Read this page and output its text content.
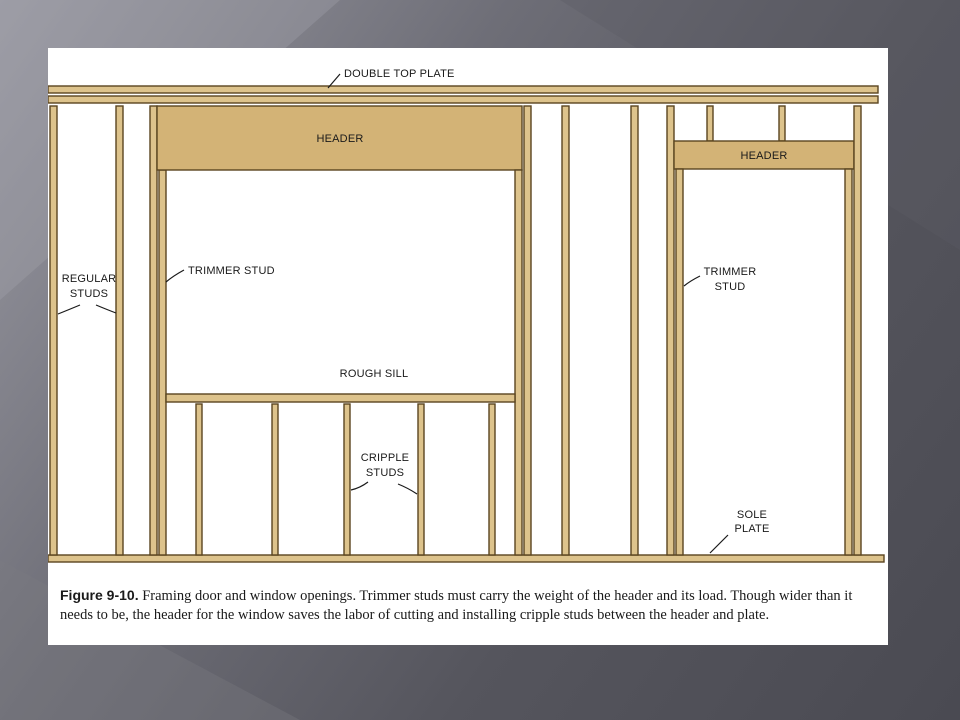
DOUBLE TOP PLATE
HEADER
HEADER
REGULAR
STUDS
TRIMMER STUD	TRIMMER
STUD
ROUGH SILL
CRIPPLE
STUDS
SOLE
PLATE
Figure 9-10. Framing door and window openings. Trimmer studs must carry the weight of the header and its load. Though wider than it needs to be, the header for the window saves the labor of cutting and installing cripple studs between the header and plate.
